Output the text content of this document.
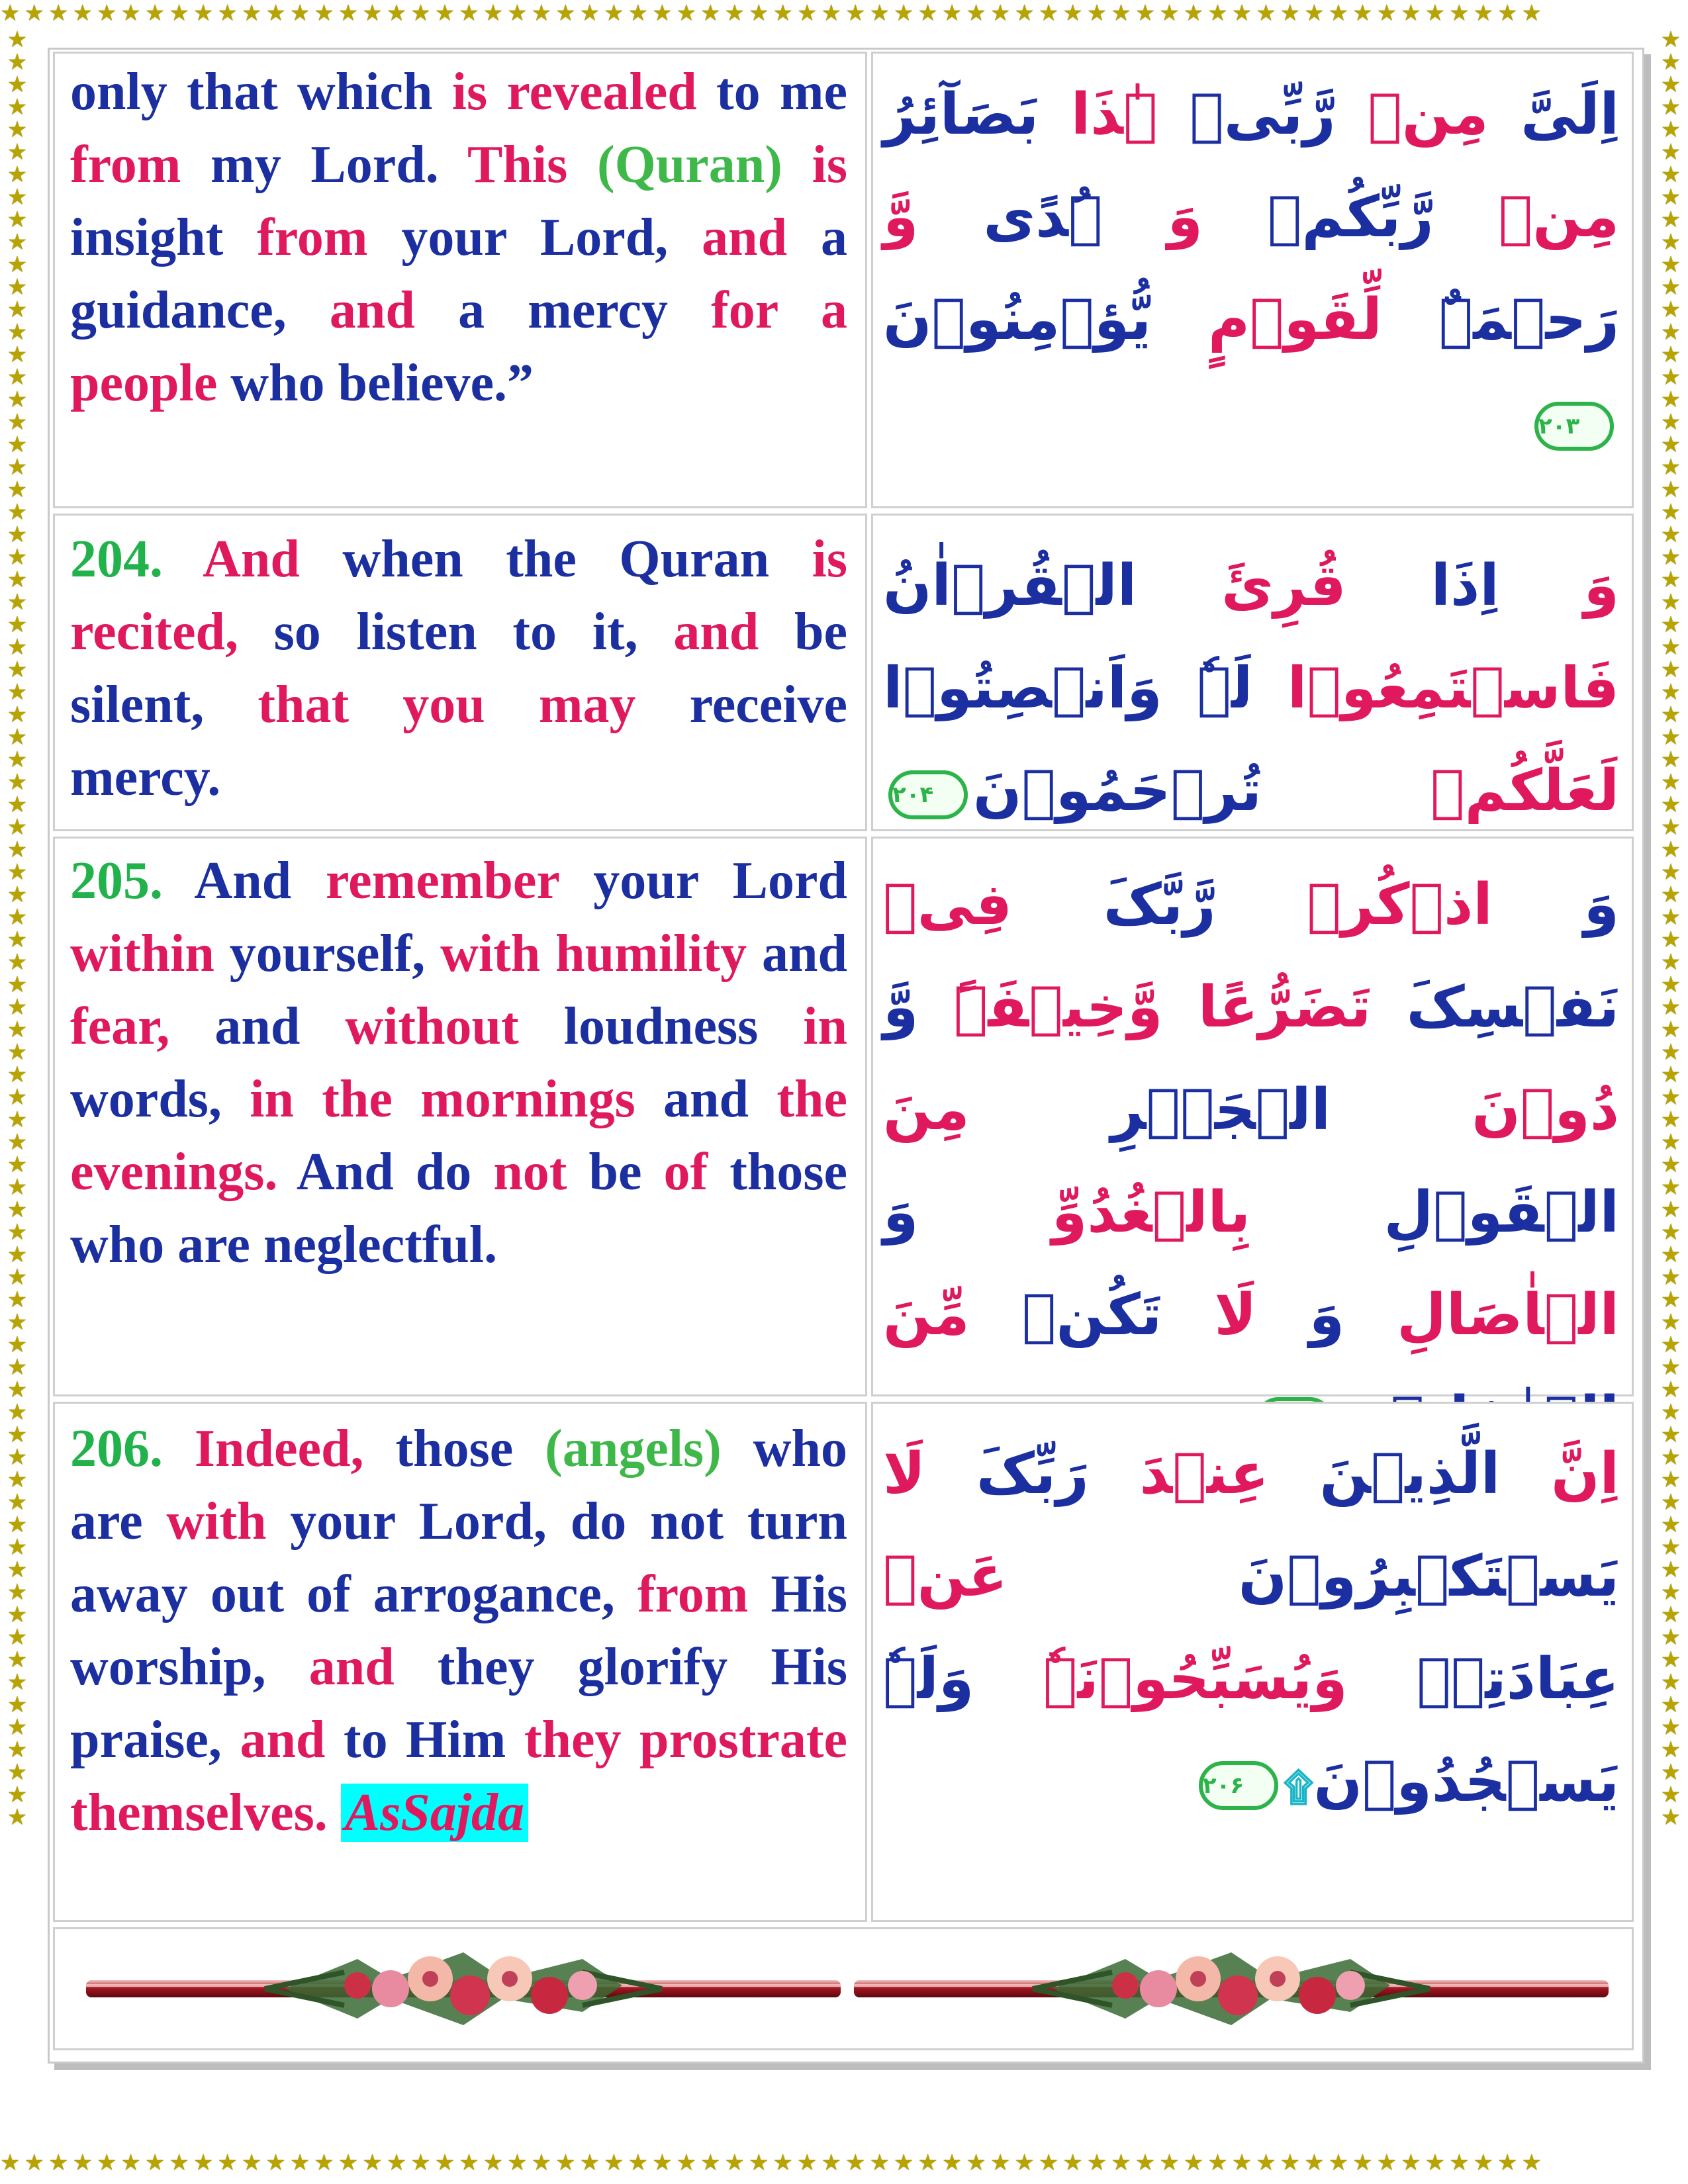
★★★★★★★★★★★★★★★★★★★★★★★★★★★★★★★★★★★★★★★★★★★★★★★★★★★★★★★★★★★★★★★★
★★★★★★★★★★★★★★★★★★★★★★★★★★★★★★★★★★★★★★★★★★★★★★★★★★★★★★★★★★★★★★★★
★★★★★★★★★★★★★★★★★★★★★★★★★★★★★★★★★★★★★★★★★★★★★★★★★★★★★★★★★★★★★★★★★★★★★★★★★★★★★★★★
★★★★★★★★★★★★★★★★★★★★★★★★★★★★★★★★★★★★★★★★★★★★★★★★★★★★★★★★★★★★★★★★★★★★★★★★★★★★★★★★
only that which is revealed to me from my Lord. This (Quran) is insight from your Lord, and a guidance, and a mercy for a people who believe.”
اِلَیَّ مِنۡ رَّبِّیۡ ہٰذَا بَصَآئِرُ مِنۡ رَّبِّکُمۡ وَ ہُدًی وَّ رَحۡمَۃٌ لِّقَوۡمٍ یُّؤۡمِنُوۡنَ۲۰۳
204. And when the Quran is recited, so listen to it, and be silent, that you may receive mercy.
وَ اِذَا قُرِیَٔ الۡقُرۡاٰنُ فَاسۡتَمِعُوۡا لَہٗ وَاَنۡصِتُوۡا لَعَلَّکُمۡ تُرۡحَمُوۡنَ۲۰۴
205. And remember your Lord within yourself, with humility and fear, and without loudness in words, in the mornings and the evenings. And do not be of those who are neglectful.
وَ اذۡکُرۡ رَّبَّکَ فِیۡ نَفۡسِکَ تَضَرُّعًا وَّخِیۡفَۃً وَّ دُوۡنَ الۡجَہۡرِ مِنَ الۡقَوۡلِ بِالۡغُدُوِّ وَ الۡاٰصَالِ وَ لَا تَکُنۡ مِّنَ
206. Indeed, those (angels) who are with your Lord, do not turn away out of arrogance, from His worship, and they glorify His praise, and to Him they prostrate themselves. AsSajda
اِنَّ الَّذِیۡنَ عِنۡدَ رَبِّکَ لَا یَسۡتَکۡبِرُوۡنَ عَنۡ عِبَادَتِہٖ وَیُسَبِّحُوۡنَہٗ وَلَہٗ یَسۡجُدُوۡنَ۩۲۰۶
